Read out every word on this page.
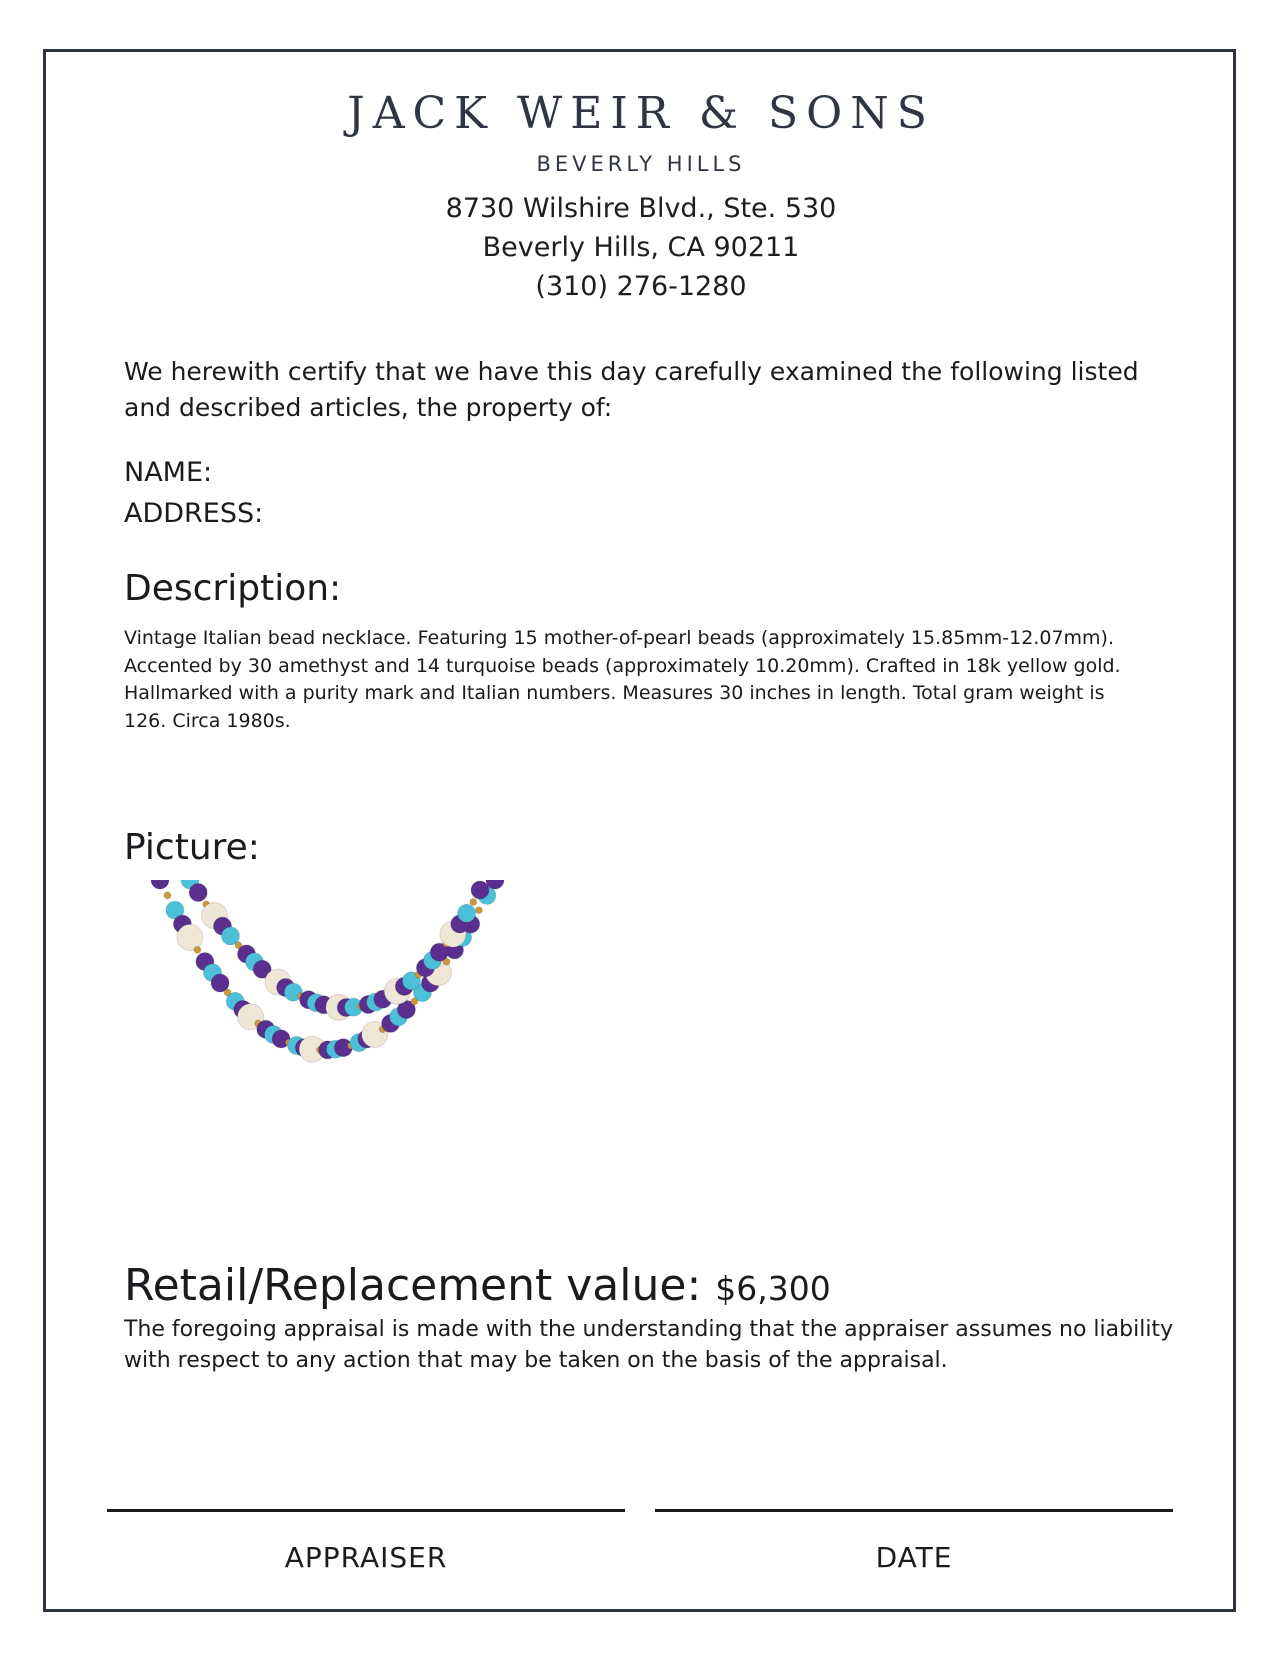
JACK WEIR & SONS
BEVERLY HILLS
8730 Wilshire Blvd., Ste. 530
Beverly Hills, CA 90211
(310) 276-1280
We herewith certify that we have this day carefully examined the following listed and described articles, the property of:
NAME:
ADDRESS:
Description:
Vintage Italian bead necklace. Featuring 15 mother-of-pearl beads (approximately 15.85mm-12.07mm). Accented by 30 amethyst and 14 turquoise beads (approximately 10.20mm). Crafted in 18k yellow gold. Hallmarked with a purity mark and Italian numbers. Measures 30 inches in length. Total gram weight is 126. Circa 1980s.
Picture:
Retail/Replacement value: $6,300
The foregoing appraisal is made with the understanding that the appraiser assumes no liability with respect to any action that may be taken on the basis of the appraisal.
APPRAISER	DATE
